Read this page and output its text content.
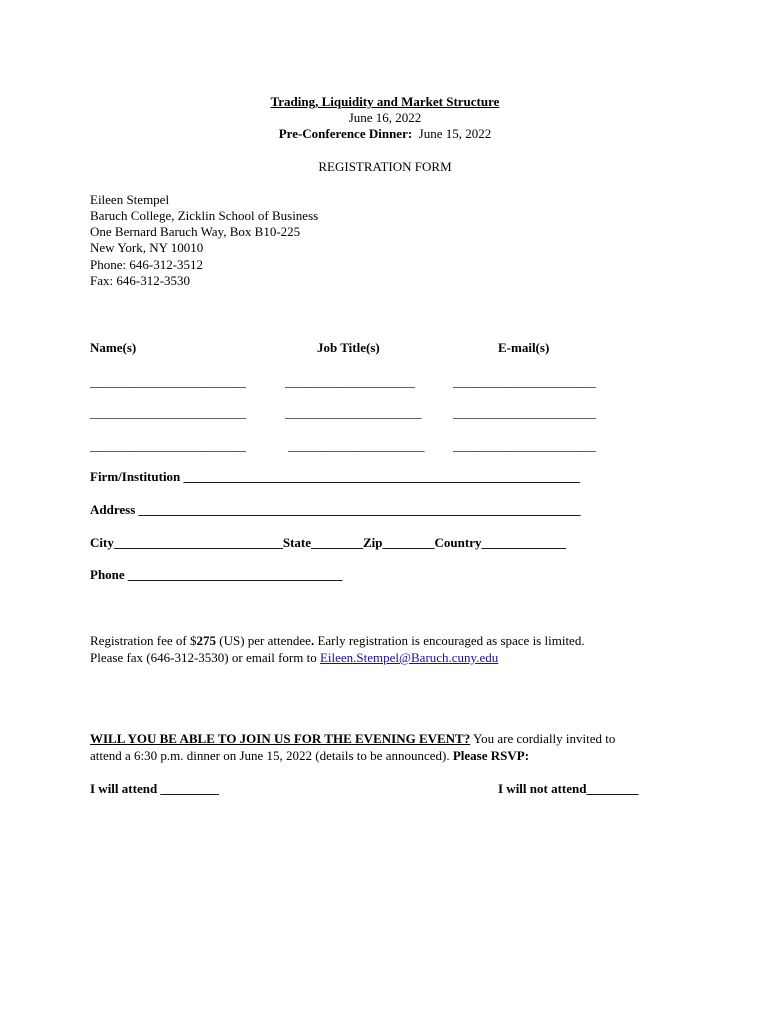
Trading, Liquidity and Market Structure
June 16, 2022
Pre-Conference Dinner: June 15, 2022
REGISTRATION FORM
Eileen Stempel
Baruch College, Zicklin School of Business
One Bernard Baruch Way, Box B10-225
New York, NY 10010
Phone: 646-312-3512
Fax: 646-312-3530
Name(s)	Job Title(s)	E-mail(s)
________________________	____________________	______________________
________________________	_____________________ ______________________
________________________	_____________________ ______________________
Firm/Institution _____________________________________________________________
Address ____________________________________________________________________
City__________________________State________Zip________Country_____________
Phone _________________________________
Registration fee of $275 (US) per attendee. Early registration is encouraged as space is limited.
Please fax (646-312-3530) or email form to Eileen.Stempel@Baruch.cuny.edu
WILL YOU BE ABLE TO JOIN US FOR THE EVENING EVENT? You are cordially invited to
attend a 6:30 p.m. dinner on June 15, 2022 (details to be announced). Please RSVP:
I will attend _________	I will not attend________
